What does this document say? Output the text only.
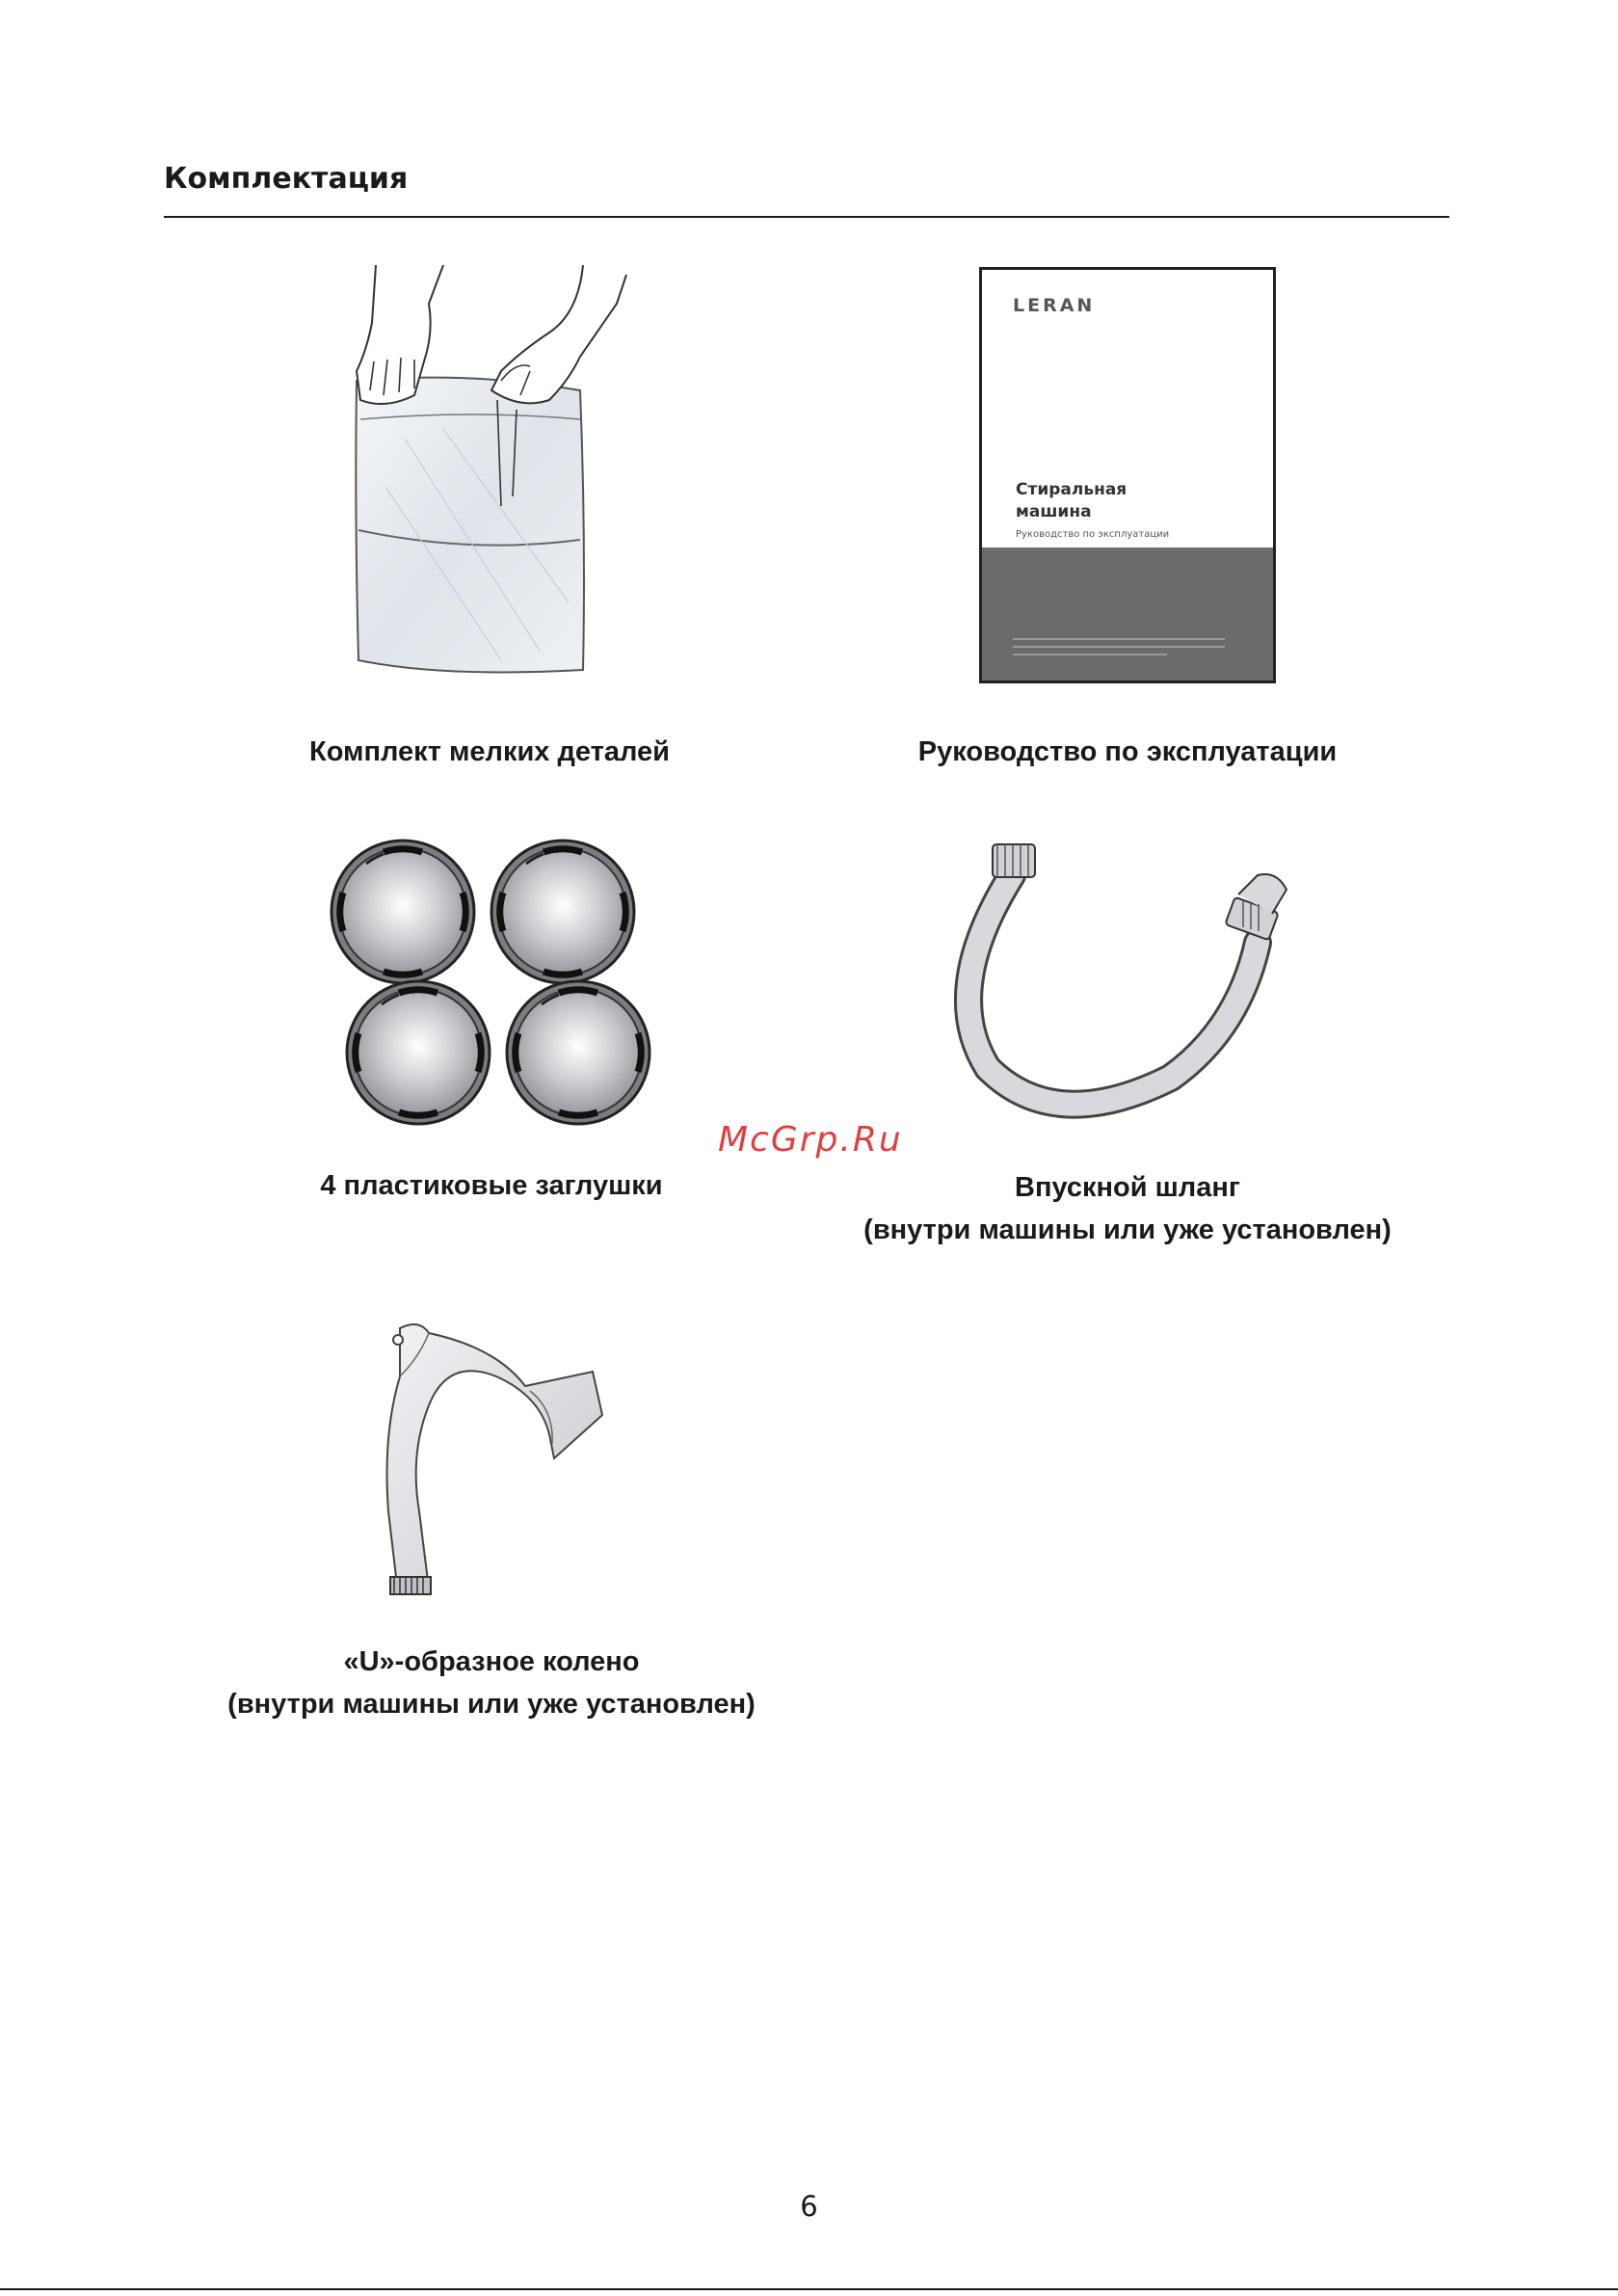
Комплектация
LERAN
Стиральная
машина
Руководство по эксплуатации
Комплект мелких деталей	Руководство по эксплуатации
McGrp.Ru
4 пластиковые заглушки	Впускной шланг
(внутри машины или уже установлен)
«U»-образное колено
(внутри машины или уже установлен)
6
